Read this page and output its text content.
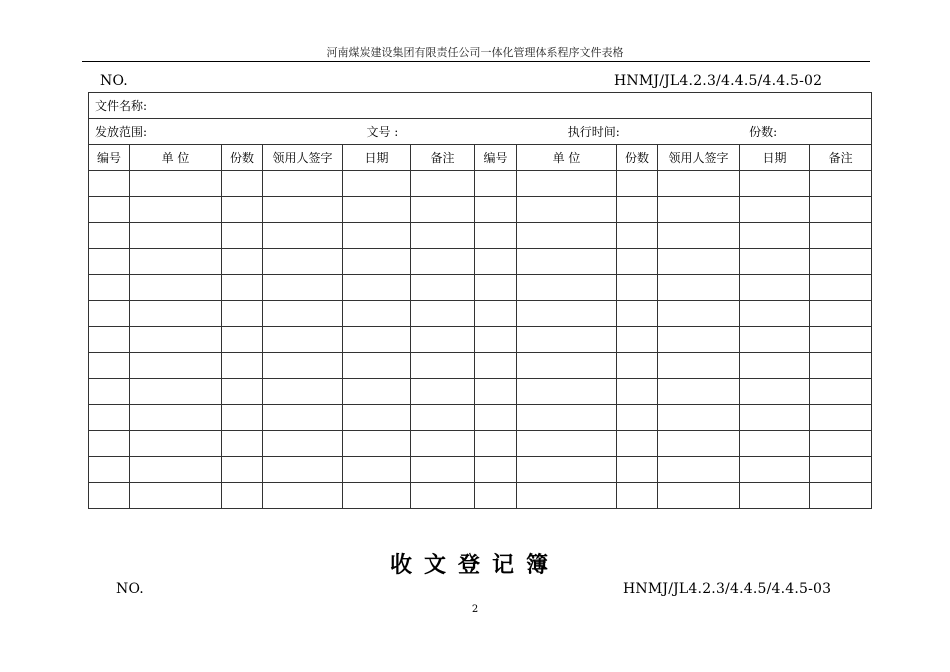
河南煤炭建设集团有限责任公司一体化管理体系程序文件表格
NO.	HNMJ/JL4.2.3/4.4.5/4.4.5-02
文件名称:											

发放范围: 文号 : 执行时间: 份数:											

编号	单 位	份数	领用人签字	日期	备注	编号	单 位	份数	领用人签字	日期	备注

收文登记簿
NO.	HNMJ/JL4.2.3/4.4.5/4.4.5-03
2
